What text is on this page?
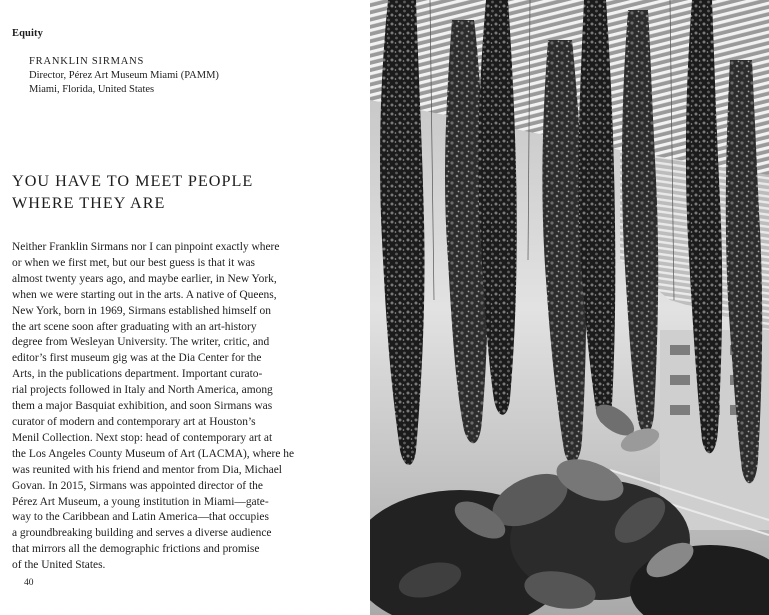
Equity
FRANKLIN SIRMANS
Director, Pérez Art Museum Miami (PAMM)
Miami, Florida, United States
YOU HAVE TO MEET PEOPLE
WHERE THEY ARE
Neither Franklin Sirmans nor I can pinpoint exactly where
or when we first met, but our best guess is that it was
almost twenty years ago, and maybe earlier, in New York,
when we were starting out in the arts. A native of Queens,
New York, born in 1969, Sirmans established himself on
the art scene soon after graduating with an art-history
degree from Wesleyan University. The writer, critic, and
editor’s first museum gig was at the Dia Center for the
Arts, in the publications department. Important curato-
rial projects followed in Italy and North America, among
them a major Basquiat exhibition, and soon Sirmans was
curator of modern and contemporary art at Houston’s
Menil Collection. Next stop: head of contemporary art at
the Los Angeles County Museum of Art (LACMA), where he
was reunited with his friend and mentor from Dia, Michael
Govan. In 2015, Sirmans was appointed director of the
Pérez Art Museum, a young institution in Miami—gate-
way to the Caribbean and Latin America—that occupies
a groundbreaking building and serves a diverse audience
that mirrors all the demographic frictions and promise
of the United States.
40
